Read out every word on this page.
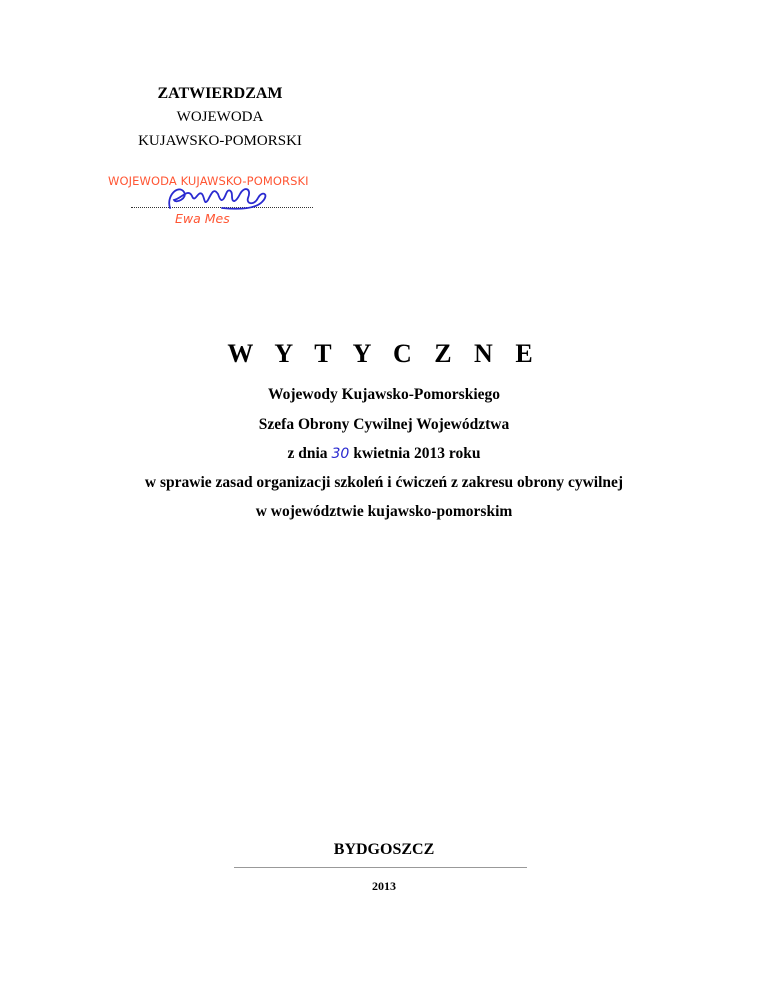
ZATWIERDZAM
WOJEWODA
KUJAWSKO-POMORSKI
WOJEWODA KUJAWSKO-POMORSKI
Ewa Mes
W Y T Y C Z N E
Wojewody Kujawsko-Pomorskiego
Szefa Obrony Cywilnej Województwa
z dnia 30 kwietnia 2013 roku
w sprawie zasad organizacji szkoleń i ćwiczeń z zakresu obrony cywilnej
w województwie kujawsko-pomorskim
BYDGOSZCZ
2013
